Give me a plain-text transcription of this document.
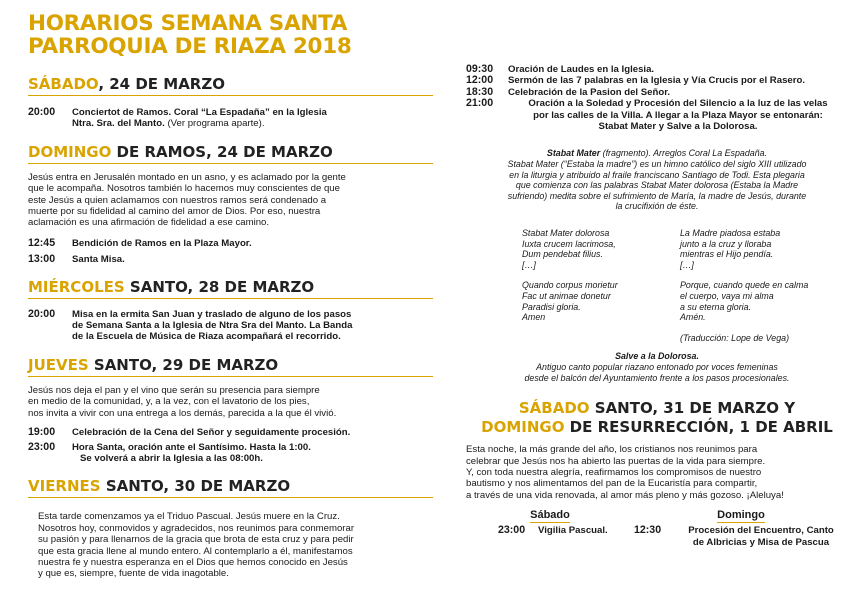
HORARIOS SEMANA SANTA
PARROQUIA DE RIAZA 2018
SÁBADO, 24 DE MARZO
20:00	Conciertot de Ramos. Coral “La Espadaña” en la Iglesia
Ntra. Sra. del Manto. (Ver programa aparte).
DOMINGO DE RAMOS, 24 DE MARZO

Jesús entra en Jerusalén montado en un asno, y es aclamado por la gente
que le acompaña. Nosotros también lo hacemos muy conscientes de que
este Jesús a quien aclamamos con nuestros ramos será condenado a
muerte por su fidelidad al camino del amor de Dios. Por eso, nuestra
aclamación es una afirmación de fidelidad a ese camino.

12:45	Bendición de Ramos en la Plaza Mayor.
13:00	Santa Misa.
MIÉRCOLES SANTO, 28 DE MARZO
20:00	Misa en la ermita San Juan y traslado de alguno de los pasos
de Semana Santa a la Iglesia de Ntra Sra del Manto. La Banda
de la Escuela de Música de Riaza acompañará el recorrido.
JUEVES SANTO, 29 DE MARZO

Jesús nos deja el pan y el vino que serán su presencia para siempre
en medio de la comunidad, y, a la vez, con el lavatorio de los pies,
nos invita a vivir con una entrega a los demás, parecida a la que él vivió.

19:00	Celebración de la Cena del Señor y seguidamente procesión.
23:00	Hora Santa, oración ante el Santísimo. Hasta la 1:00.
Se volverá a abrir la Iglesia a las 08:00h.
VIERNES SANTO, 30 DE MARZO

Esta tarde comenzamos ya el Triduo Pascual. Jesús muere en la Cruz.
Nosotros hoy, conmovidos y agradecidos, nos reunimos para conmemorar
su pasión y para llenarnos de la gracia que brota de esta cruz y para pedir
que esta gracia llene al mundo entero. Al contemplarlo a él, manifestamos
nuestra fe y nuestra esperanza en el Dios que hemos conocido en Jesús
y que es, siempre, fuente de vida inagotable.

09:30	Oración de Laudes en la Iglesia.
12:00	Sermón de las 7 palabras en la Iglesia y Vía Crucis por el Rasero.
18:30	Celebración de la Pasion del Señor.
21:00	Oración a la Soledad y Procesión del Silencio a la luz de las velas
por las calles de la Villa. A llegar a la Plaza Mayor se entonarán:
Stabat Mater y Salve a la Dolorosa.

Stabat Mater (fragmento). Arreglos Coral La Espadaña.

Stabat Mater (“Estaba la madre”) es un himno católico del siglo XIII utilizado
en la liturgia y atribuido al fraile franciscano Santiago de Todi. Esta plegaria
que comienza con las palabras Stabat Mater dolorosa (Estaba la Madre
sufriendo) medita sobre el sufrimiento de María, la madre de Jesús, durante
la crucifixión de éste.

Stabat Mater dolorosa
Iuxta crucem lacrimosa,
Dum pendebat filius.
[…]

Quando corpus morietur
Fac ut animae donetur
Paradisi gloria.
Amen

La Madre piadosa estaba
junto a la cruz y lloraba
mientras el Hijo pendía.
[…]

Porque, cuando quede en calma
el cuerpo, vaya mi alma
a su eterna gloria.
Amén.

(Traducción: Lope de Vega)

Salve a la Dolorosa.

Antiguo canto popular riazano entonado por voces femeninas
desde el balcón del Ayuntamiento frente a los pasos procesionales.

SÁBADO SANTO, 31 DE MARZO Y
DOMINGO DE RESURRECCIÓN, 1 DE ABRIL

Esta noche, la más grande del año, los cristianos nos reunimos para
celebrar que Jesús nos ha abierto las puertas de la vida para siempre.
Y, con toda nuestra alegría, reafirmamos los compromisos de nuestro
bautismo y nos alimentamos del pan de la Eucaristía para compartir,
a través de una vida renovada, al amor más pleno y más gozoso. ¡Aleluya!

Sábado
23:00	Vigilia Pascual.
Domingo
12:30	Procesión del Encuentro, Canto
de Albricias y Misa de Pascua
